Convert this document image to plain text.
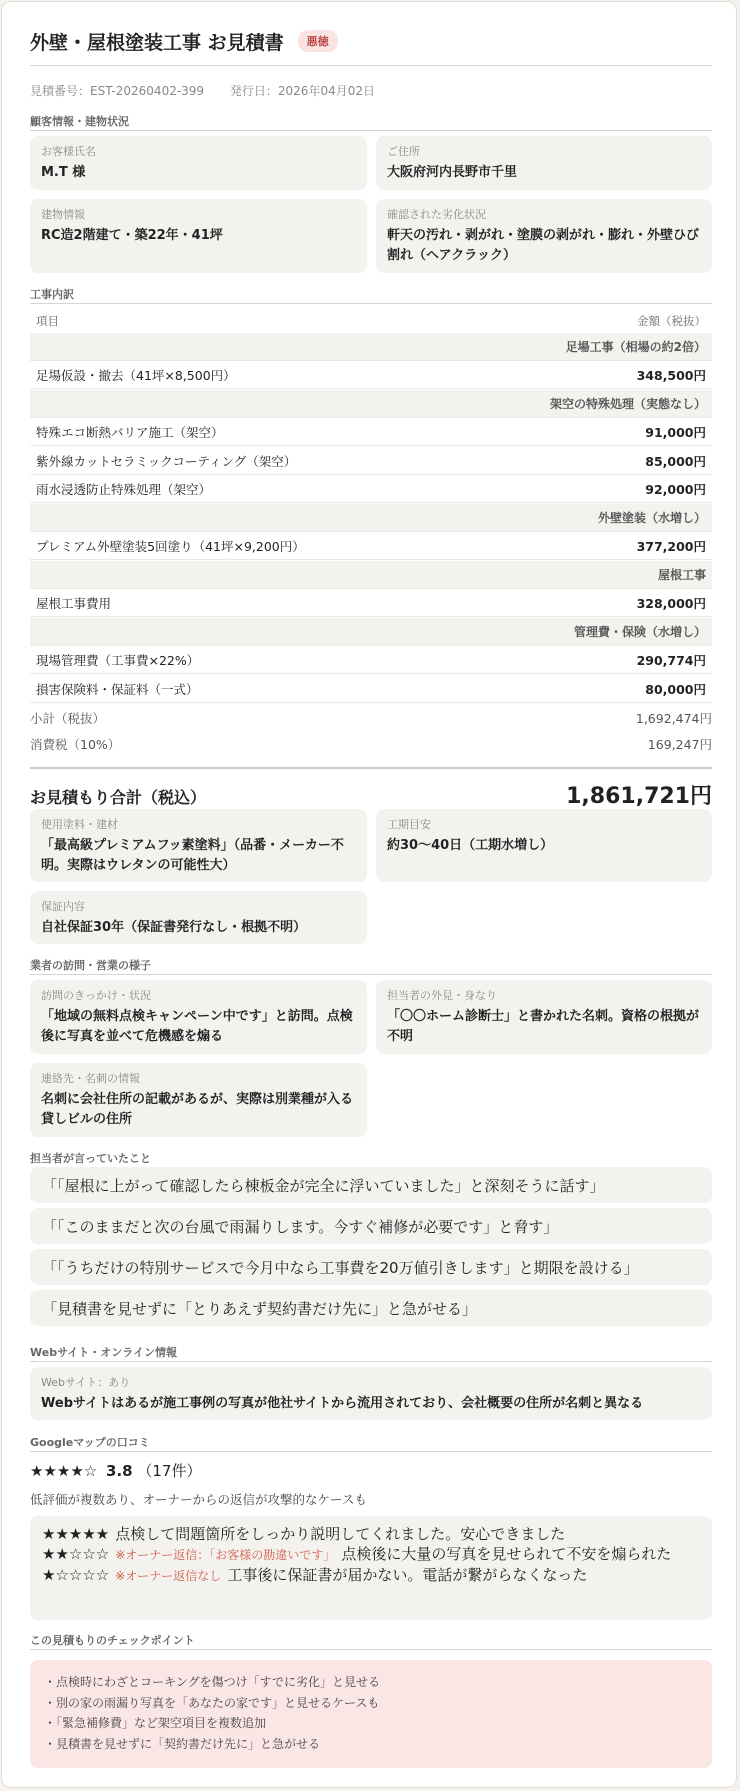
外壁・屋根塗装工事 お見積書	悪徳
見積番号：EST-20260402-399 発行日：2026年04月02日
顧客情報・建物状況
お客様氏名
M.T 様
ご住所
大阪府河内長野市千里
建物情報
RC造2階建て・築22年・41坪
確認された劣化状況
軒天の汚れ・剥がれ・塗膜の剥がれ・膨れ・外壁ひび割れ（ヘアクラック）
工事内訳
項目	金額（税抜）
足場工事（相場の約2倍）
足場仮設・撤去（41坪×8,500円）	348,500円
架空の特殊処理（実態なし）
特殊エコ断熱バリア施工（架空）	91,000円
紫外線カットセラミックコーティング（架空）	85,000円
雨水浸透防止特殊処理（架空）	92,000円
外壁塗装（水増し）
プレミアム外壁塗装5回塗り（41坪×9,200円）	377,200円
屋根工事
屋根工事費用	328,000円
管理費・保険（水増し）
現場管理費（工事費×22%）	290,774円
損害保険料・保証料（一式）	80,000円
小計（税抜）	1,692,474円
消費税（10%）	169,247円
お見積もり合計（税込）	1,861,721円
使用塗料・建材
「最高級プレミアムフッ素塗料」（品番・メーカー不明。実際はウレタンの可能性大）
工期目安
約30〜40日（工期水増し）
保証内容
自社保証30年（保証書発行なし・根拠不明）
業者の訪問・営業の様子
訪問のきっかけ・状況
「地域の無料点検キャンペーン中です」と訪問。点検後に写真を並べて危機感を煽る
担当者の外見・身なり
「〇〇ホーム診断士」と書かれた名刺。資格の根拠が不明
連絡先・名刺の情報
名刺に会社住所の記載があるが、実際は別業種が入る貸しビルの住所
担当者が言っていたこと
「「屋根に上がって確認したら棟板金が完全に浮いていました」と深刻そうに話す」
「「このままだと次の台風で雨漏りします。今すぐ補修が必要です」と脅す」
「「うちだけの特別サービスで今月中なら工事費を20万値引きします」と期限を設ける」
「見積書を見せずに「とりあえず契約書だけ先に」と急がせる」
Webサイト・オンライン情報
Webサイト：あり
Webサイトはあるが施工事例の写真が他社サイトから流用されており、会社概要の住所が名刺と異なる
Googleマップの口コミ
★★★★☆ 3.8 （17件）
低評価が複数あり、オーナーからの返信が攻撃的なケースも
★★★★★ 点検して問題箇所をしっかり説明してくれました。安心できました
★★☆☆☆ ※オーナー返信：「お客様の勘違いです」 点検後に大量の写真を見せられて不安を煽られた
★☆☆☆☆ ※オーナー返信なし 工事後に保証書が届かない。電話が繋がらなくなった
この見積もりのチェックポイント
・点検時にわざとコーキングを傷つけ「すでに劣化」と見せる
・別の家の雨漏り写真を「あなたの家です」と見せるケースも
・「緊急補修費」など架空項目を複数追加
・見積書を見せずに「契約書だけ先に」と急がせる
